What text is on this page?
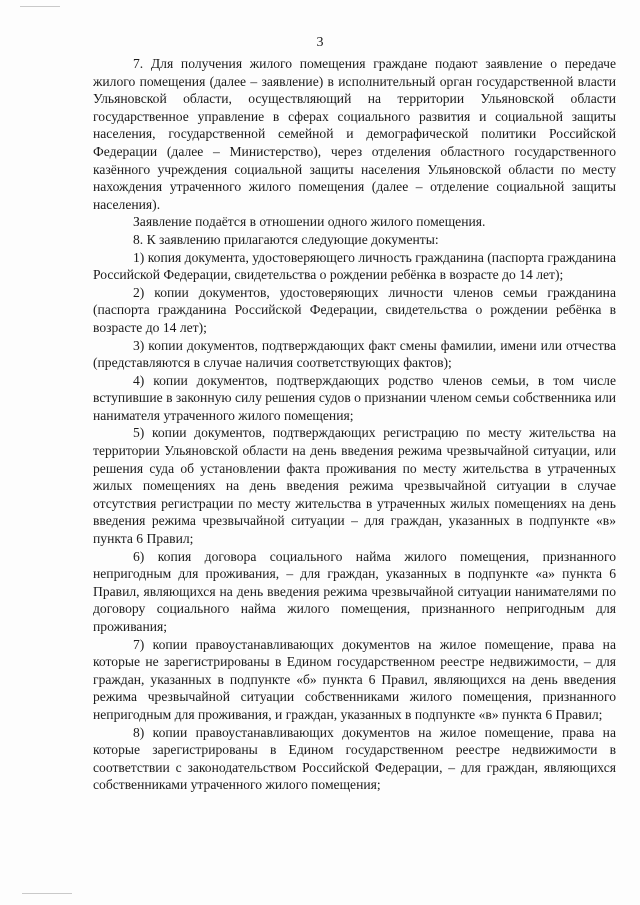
3

7. Для получения жилого помещения граждане подают заявление о передаче жилого помещения (далее – заявление) в исполнительный орган государственной власти Ульяновской области, осуществляющий на территории Ульяновской области государственное управление в сферах социального развития и социальной защиты населения, государственной семейной и демографической политики Российской Федерации (далее – Министерство), через отделения областного государственного казённого учреждения социальной защиты населения Ульяновской области по месту нахождения утраченного жилого помещения (далее – отделение социальной защиты населения).

Заявление подаётся в отношении одного жилого помещения.

8. К заявлению прилагаются следующие документы:

1) копия документа, удостоверяющего личность гражданина (паспорта гражданина Российской Федерации, свидетельства о рождении ребёнка в возрасте до 14 лет);

2) копии документов, удостоверяющих личности членов семьи гражданина (паспорта гражданина Российской Федерации, свидетельства о рождении ребёнка в возрасте до 14 лет);

3) копии документов, подтверждающих факт смены фамилии, имени или отчества (представляются в случае наличия соответствующих фактов);

4) копии документов, подтверждающих родство членов семьи, в том числе вступившие в законную силу решения судов о признании членом семьи собственника или нанимателя утраченного жилого помещения;

5) копии документов, подтверждающих регистрацию по месту жительства на территории Ульяновской области на день введения режима чрезвычайной ситуации, или решения суда об установлении факта проживания по месту жительства в утраченных жилых помещениях на день введения режима чрезвычайной ситуации в случае отсутствия регистрации по месту жительства в утраченных жилых помещениях на день введения режима чрезвычайной ситуации – для граждан, указанных в подпункте «в» пункта 6 Правил;

6) копия договора социального найма жилого помещения, признанного непригодным для проживания, – для граждан, указанных в подпункте «а» пункта 6 Правил, являющихся на день введения режима чрезвычайной ситуации нанимателями по договору социального найма жилого помещения, признанного непригодным для проживания;

7) копии правоустанавливающих документов на жилое помещение, права на которые не зарегистрированы в Едином государственном реестре недвижимости, – для граждан, указанных в подпункте «б» пункта 6 Правил, являющихся на день введения режима чрезвычайной ситуации собственниками жилого помещения, признанного непригодным для проживания, и граждан, указанных в подпункте «в» пункта 6 Правил;

8) копии правоустанавливающих документов на жилое помещение, права на которые зарегистрированы в Едином государственном реестре недвижимости в соответствии с законодательством Российской Федерации, – для граждан, являющихся собственниками утраченного жилого помещения;
